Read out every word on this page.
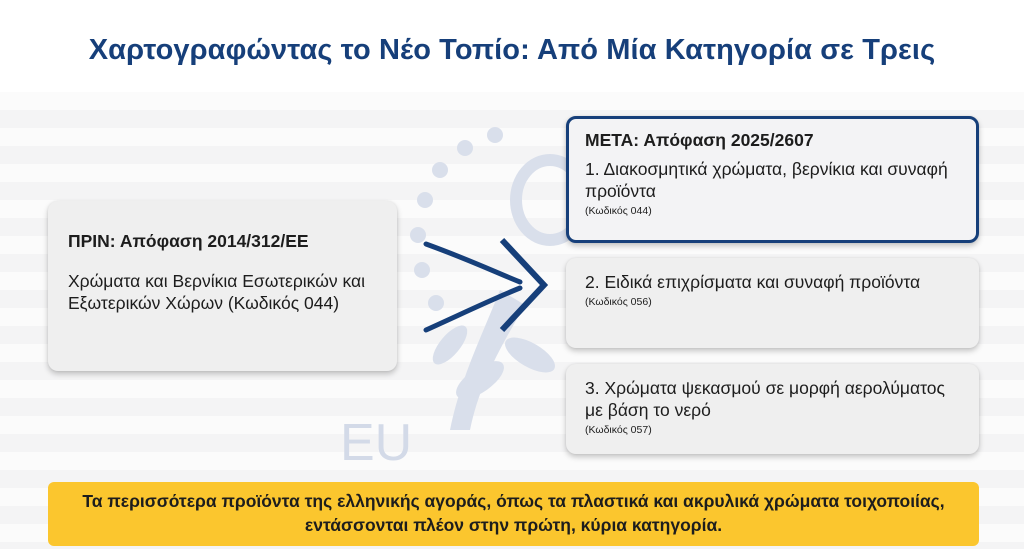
EU
Χαρτογραφώντας το Νέο Τοπίο: Από Μία Κατηγορία σε Τρεις
ΠΡΙΝ: Απόφαση 2014/312/ΕΕ
Χρώματα και Βερνίκια Εσωτερικών και Εξωτερικών Χώρων (Κωδικός 044)
ΜΕΤΑ: Απόφαση 2025/2607
1. Διακοσμητικά χρώματα, βερνίκια και συναφή προϊόντα
(Κωδικός 044)
2. Ειδικά επιχρίσματα και συναφή προϊόντα
(Κωδικός 056)
3. Χρώματα ψεκασμού σε μορφή αερολύματος με βάση το νερό
(Κωδικός 057)
Τα περισσότερα προϊόντα της ελληνικής αγοράς, όπως τα πλαστικά και ακρυλικά χρώματα τοιχοποιίας, εντάσσονται πλέον στην πρώτη, κύρια κατηγορία.
